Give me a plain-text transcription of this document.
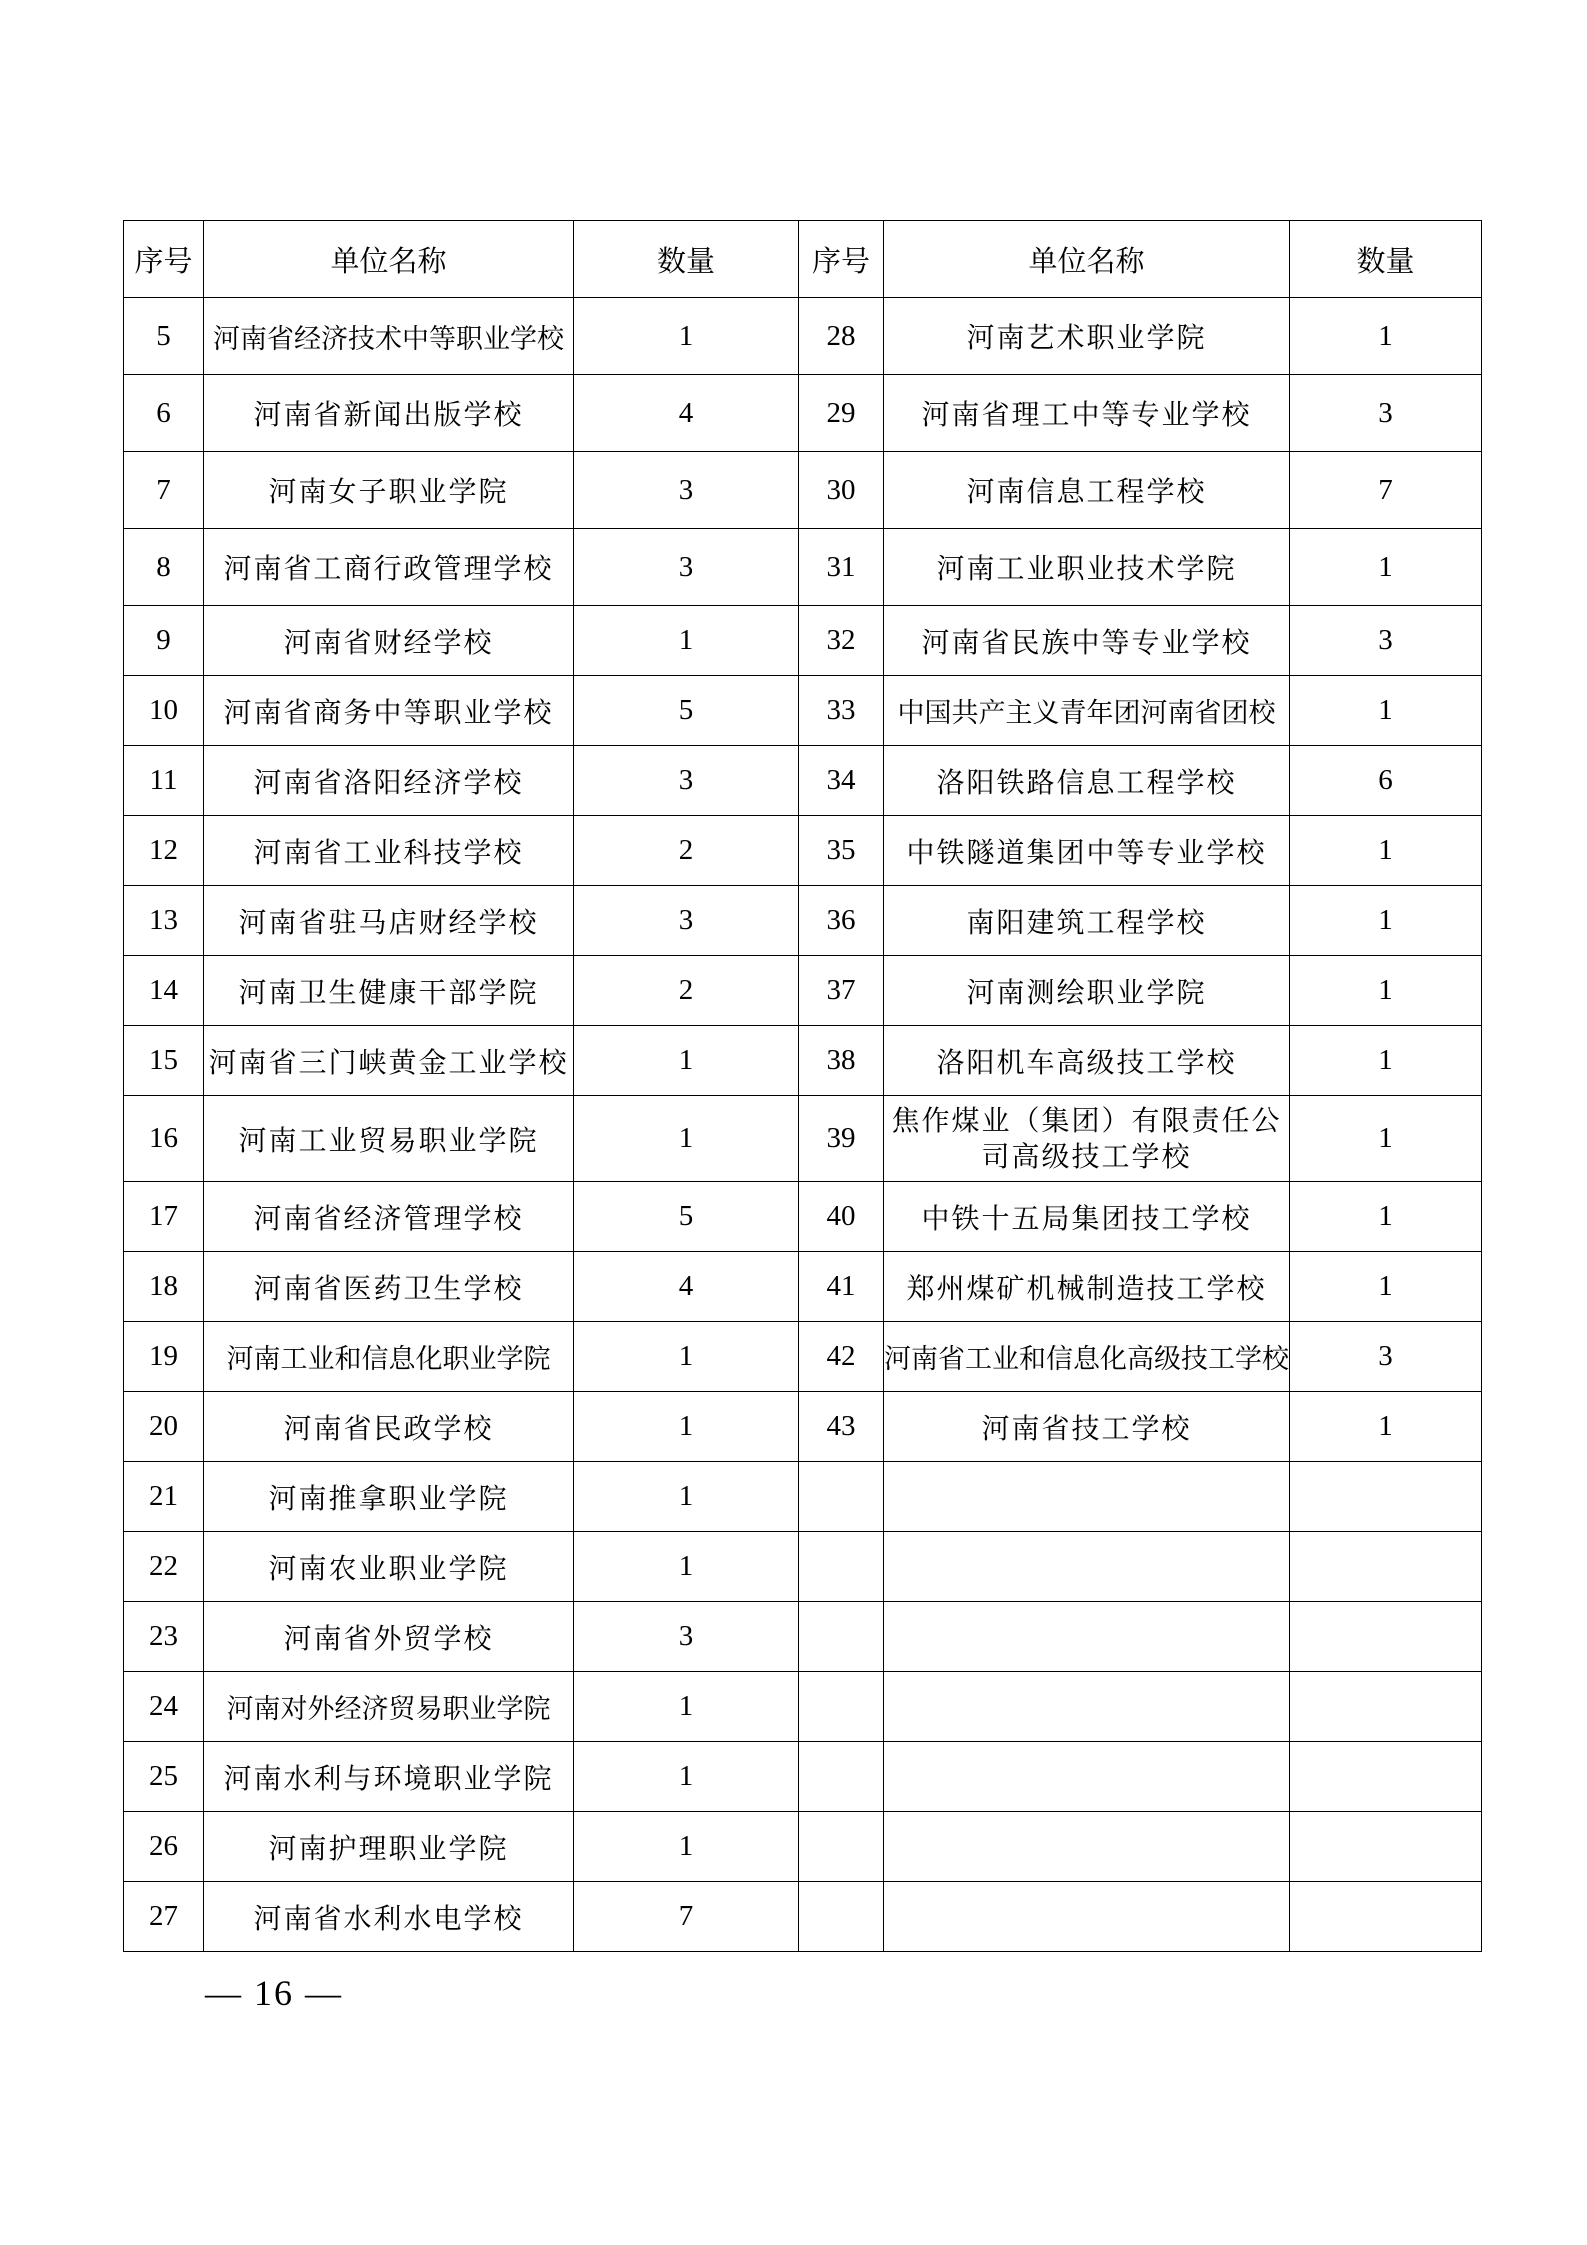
序号	单位名称	数量	序号	单位名称	数量
5	河南省经济技术中等职业学校	1	28	河南艺术职业学院	1
6	河南省新闻出版学校	4	29	河南省理工中等专业学校	3
7	河南女子职业学院	3	30	河南信息工程学校	7
8	河南省工商行政管理学校	3	31	河南工业职业技术学院	1
9	河南省财经学校	1	32	河南省民族中等专业学校	3
10	河南省商务中等职业学校	5	33	中国共产主义青年团河南省团校	1
11	河南省洛阳经济学校	3	34	洛阳铁路信息工程学校	6
12	河南省工业科技学校	2	35	中铁隧道集团中等专业学校	1
13	河南省驻马店财经学校	3	36	南阳建筑工程学校	1
14	河南卫生健康干部学院	2	37	河南测绘职业学院	1
15	河南省三门峡黄金工业学校	1	38	洛阳机车高级技工学校	1
16	河南工业贸易职业学院	1	39	焦作煤业（集团）有限责任公司高级技工学校	1
17	河南省经济管理学校	5	40	中铁十五局集团技工学校	1
18	河南省医药卫生学校	4	41	郑州煤矿机械制造技工学校	1
19	河南工业和信息化职业学院	1	42	河南省工业和信息化高级技工学校	3
20	河南省民政学校	1	43	河南省技工学校	1
21	河南推拿职业学院	1			
22	河南农业职业学院	1			
23	河南省外贸学校	3			
24	河南对外经济贸易职业学院	1			
25	河南水利与环境职业学院	1			
26	河南护理职业学院	1			
27	河南省水利水电学校	7			
— 16 —
